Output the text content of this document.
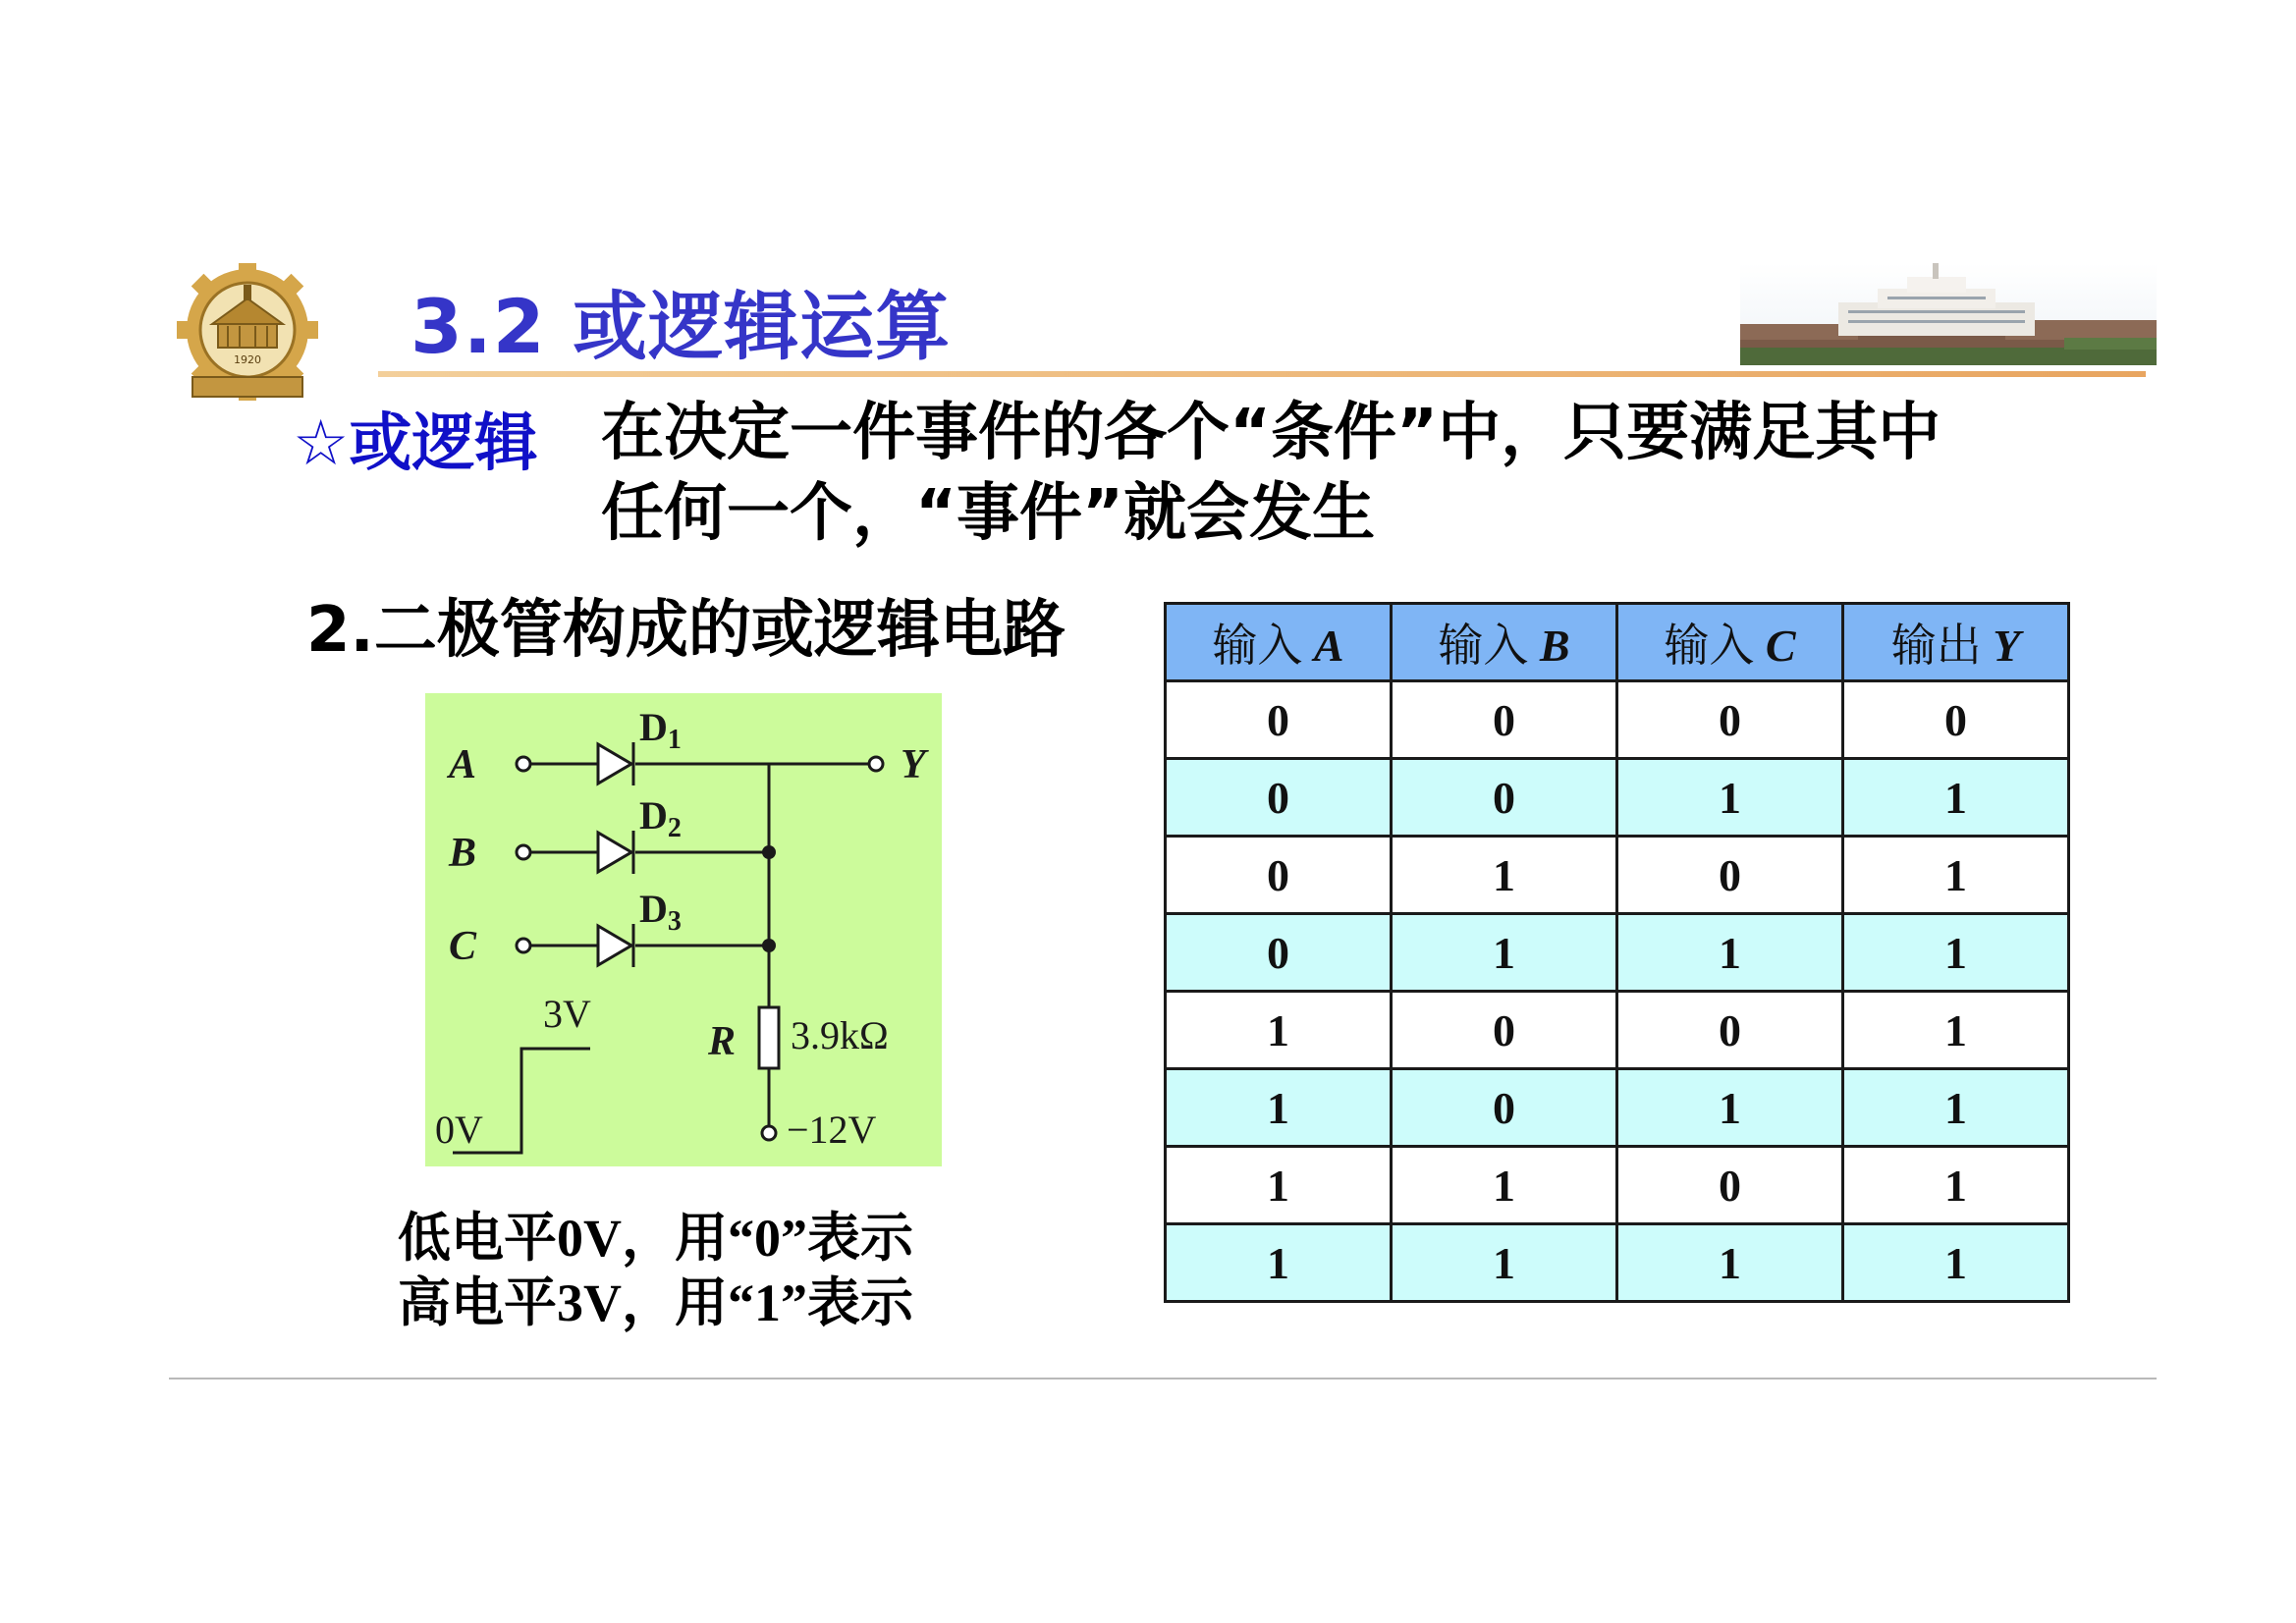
1920 3.2 或逻辑运算
☆或逻辑 在决定一件事件的各个“条件”中，只要满足其中
任何一个，“事件”就会发生
2.二极管构成的或逻辑电路
A
B
C
Y
$D_1$
$D_2$
$D_3$
R 3.9kΩ
−12V
3V
0V
低电平0V，用“0”表示
高电平3V，用“1”表示
输入 A	输入 B	输入 C	输出 Y
0	0	0	0
0	0	1	1
0	1	0	1
0	1	1	1
1	0	0	1
1	0	1	1
1	1	0	1
1	1	1	1
